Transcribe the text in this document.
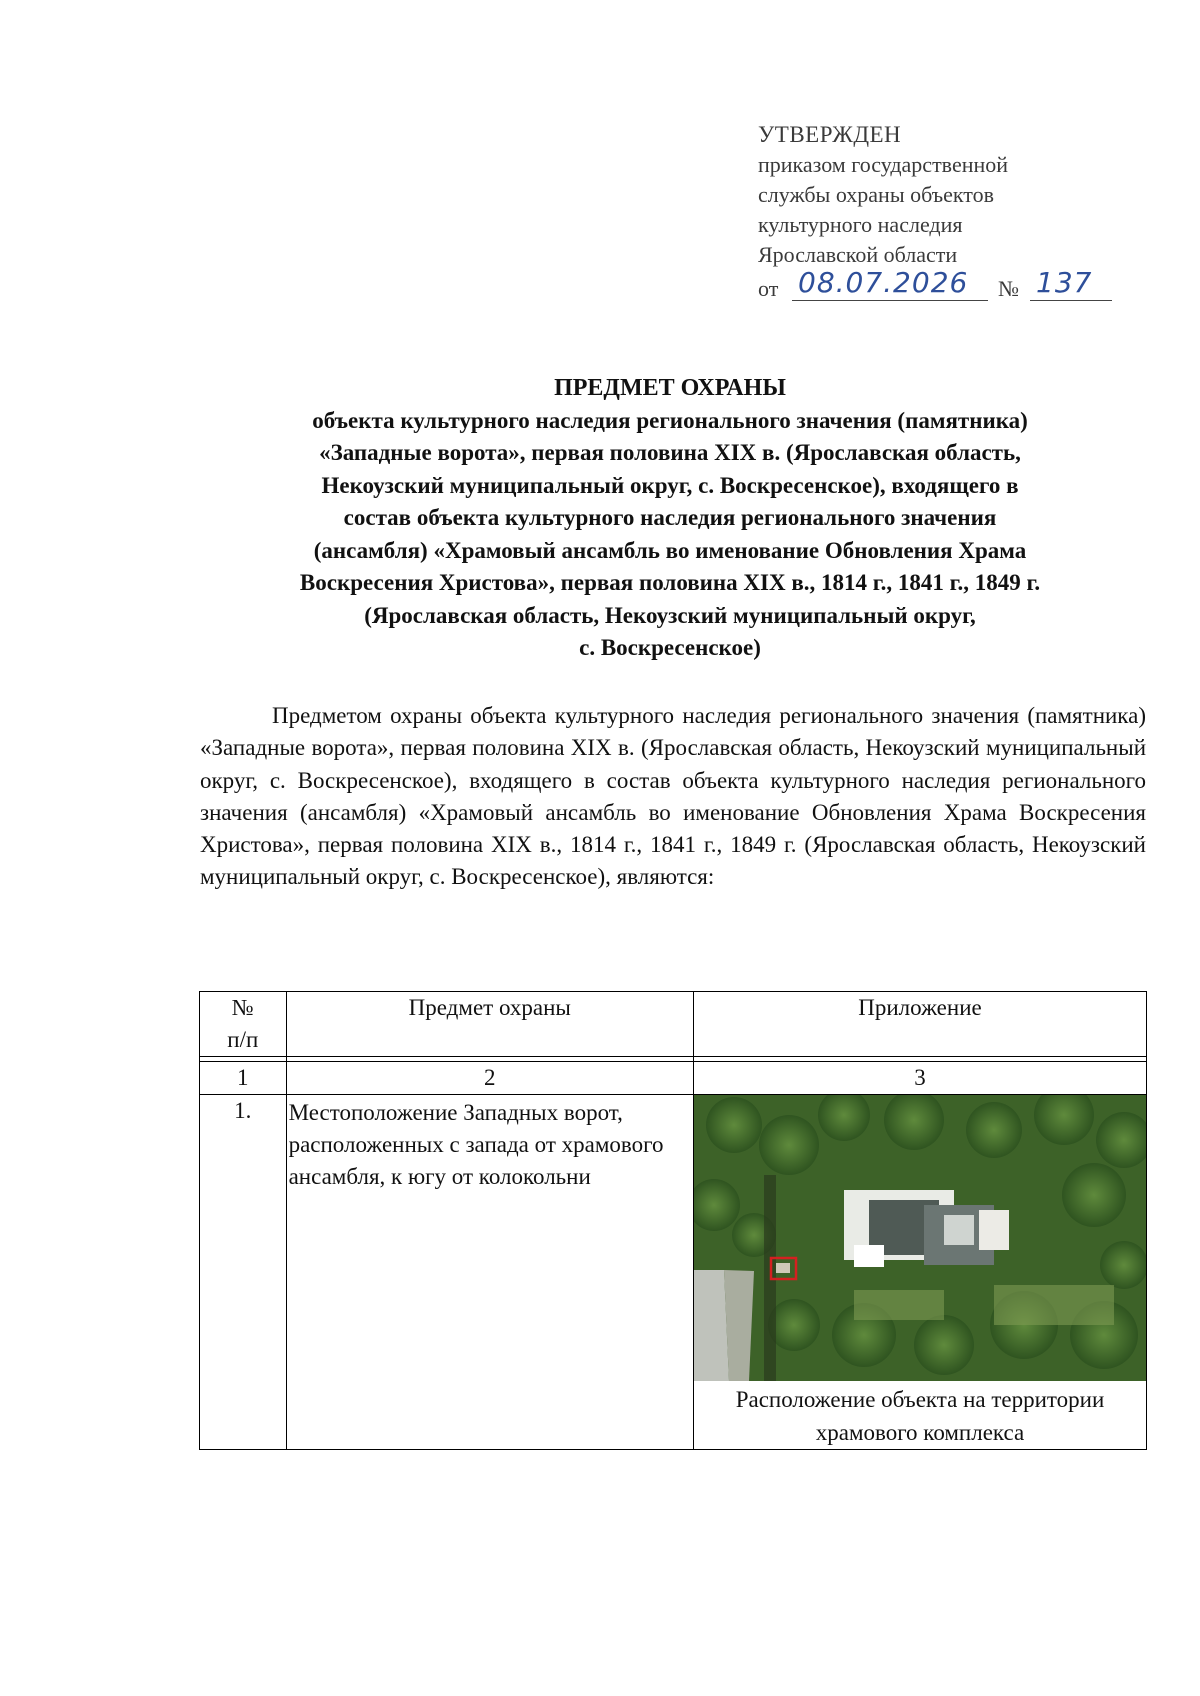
УТВЕРЖДЕН
приказом государственной
службы охраны объектов
культурного наследия
Ярославской области
от 08.07.2026 № 137
ПРЕДМЕТ ОХРАНЫ
объекта культурного наследия регионального значения (памятника)
«Западные ворота», первая половина XIX в. (Ярославская область,
Некоузский муниципальный округ, с. Воскресенское), входящего в
состав объекта культурного наследия регионального значения
(ансамбля) «Храмовый ансамбль во именование Обновления Храма
Воскресения Христова», первая половина XIX в., 1814 г., 1841 г., 1849 г.
(Ярославская область, Некоузский муниципальный округ,
с. Воскресенское)

Предметом охраны объекта культурного наследия регионального значения (памятника) «Западные ворота», первая половина XIX в. (Ярославская область, Некоузский муниципальный округ, с. Воскресенское), входящего в состав объекта культурного наследия регионального значения (ансамбля) «Храмовый ансамбль во именование Обновления Храма Воскресения Христова», первая половина XIX в., 1814 г., 1841 г., 1849 г. (Ярославская область, Некоузский муниципальный округ, с. Воскресенское), являются:

№
п/п	Предмет охраны	Приложение

1	2	3
1.	Местоположение Западных ворот, расположенных с запада от храмового ансамбля, к югу от колокольни	Расположение объекта на территории храмового комплекса
